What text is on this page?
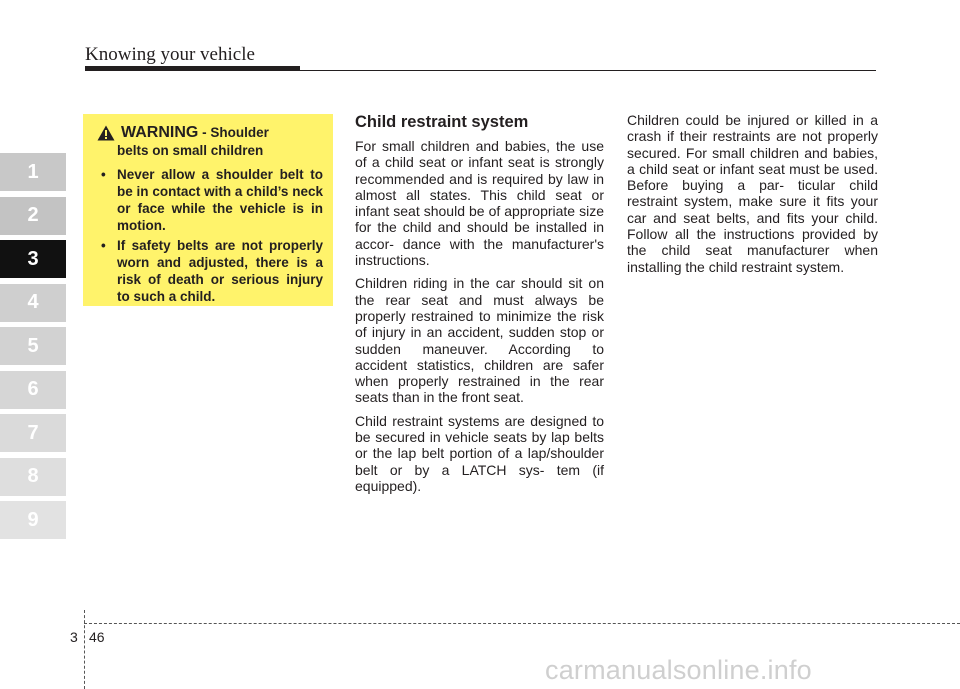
Knowing your vehicle
1
2
3
4
5
6
7
8
9
WARNING - Shoulder
belts on small children
• Never allow a shoulder belt to be in contact with a child’s neck or face while the vehicle is in motion.
• If safety belts are not properly worn and adjusted, there is a risk of death or serious injury to such a child.
Child restraint system

For small children and babies, the use of a child seat or infant seat is strongly recommended and is required by law in almost all states. This child seat or infant seat should be of appropriate size for the child and should be installed in accor- dance with the manufacturer's instructions.

Children riding in the car should sit on the rear seat and must always be properly restrained to minimize the risk of injury in an accident, sudden stop or sudden maneuver. According to accident statistics, children are safer when properly restrained in the rear seats than in the front seat.

Child restraint systems are designed to be secured in vehicle seats by lap belts or the lap belt portion of a lap/shoulder belt or by a LATCH sys- tem (if equipped).

Children could be injured or killed in a crash if their restraints are not properly secured. For small children and babies, a child seat or infant seat must be used. Before buying a par- ticular child restraint system, make sure it fits your car and seat belts, and fits your child. Follow all the instructions provided by the child seat manufacturer when installing the child restraint system.

3 46
carmanualsonline.info
